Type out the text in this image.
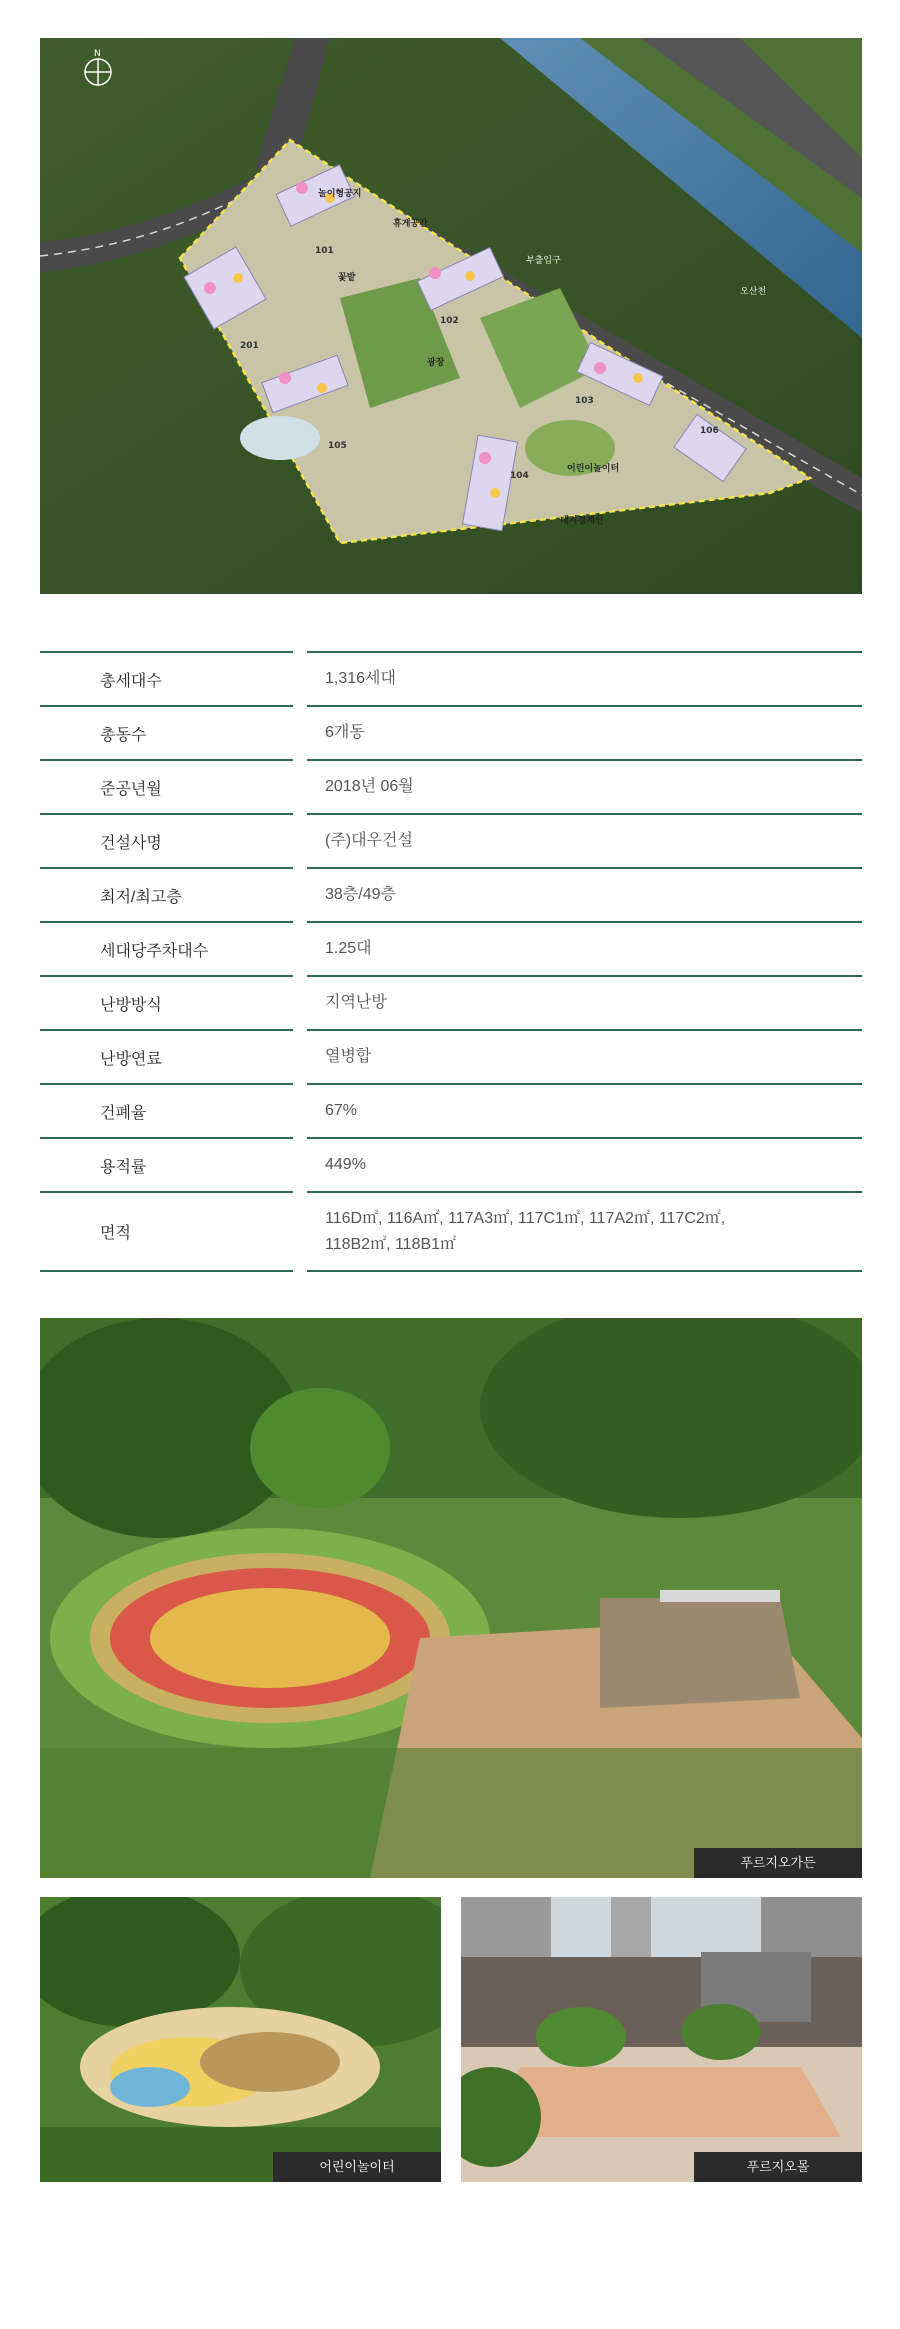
N
오산천
광장
놀이형공지
휴게공간
부출입구
꽃밭
어린이놀이터
대지경계선
101
102
103
104
105
106
201
총세대수	1,316세대
총동수	6개동
준공년월	2018년 06월
건설사명	(주)대우건설
최저/최고층	38층/49층
세대당주차대수	1.25대
난방방식	지역난방
난방연료	열병합
건폐율	67%
용적률	449%
면적
116D㎡, 116A㎡, 117A3㎡, 117C1㎡, 117A2㎡, 117C2㎡,
118B2㎡, 118B1㎡
푸르지오가든
어린이놀이터	푸르지오몰
